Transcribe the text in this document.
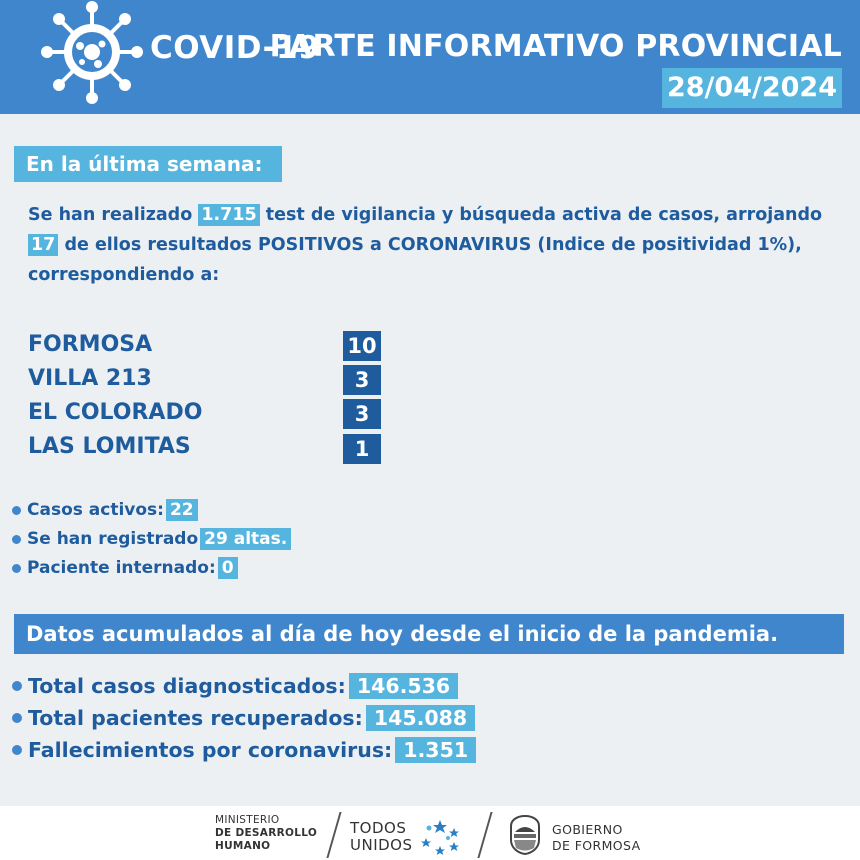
COVID-19
PARTE INFORMATIVO PROVINCIAL
28/04/2024
En la última semana:
Se han realizado 1.715 test de vigilancia y búsqueda activa de casos, arrojando 17 de ellos resultados POSITIVOS a CORONAVIRUS (Indice de positividad 1%), correspondiendo a:
FORMOSA	10
VILLA 213	3
EL COLORADO	3
LAS LOMITAS	1
Casos activos: 22
Se han registrado 29 altas.
Paciente internado: 0
Datos acumulados al día de hoy desde el inicio de la pandemia.
Total casos diagnosticados: 146.536
Total pacientes recuperados: 145.088
Fallecimientos por coronavirus: 1.351
MINISTERIO
DE DESARROLLO
HUMANO
TODOS
UNIDOS
GOBIERNO
DE FORMOSA
